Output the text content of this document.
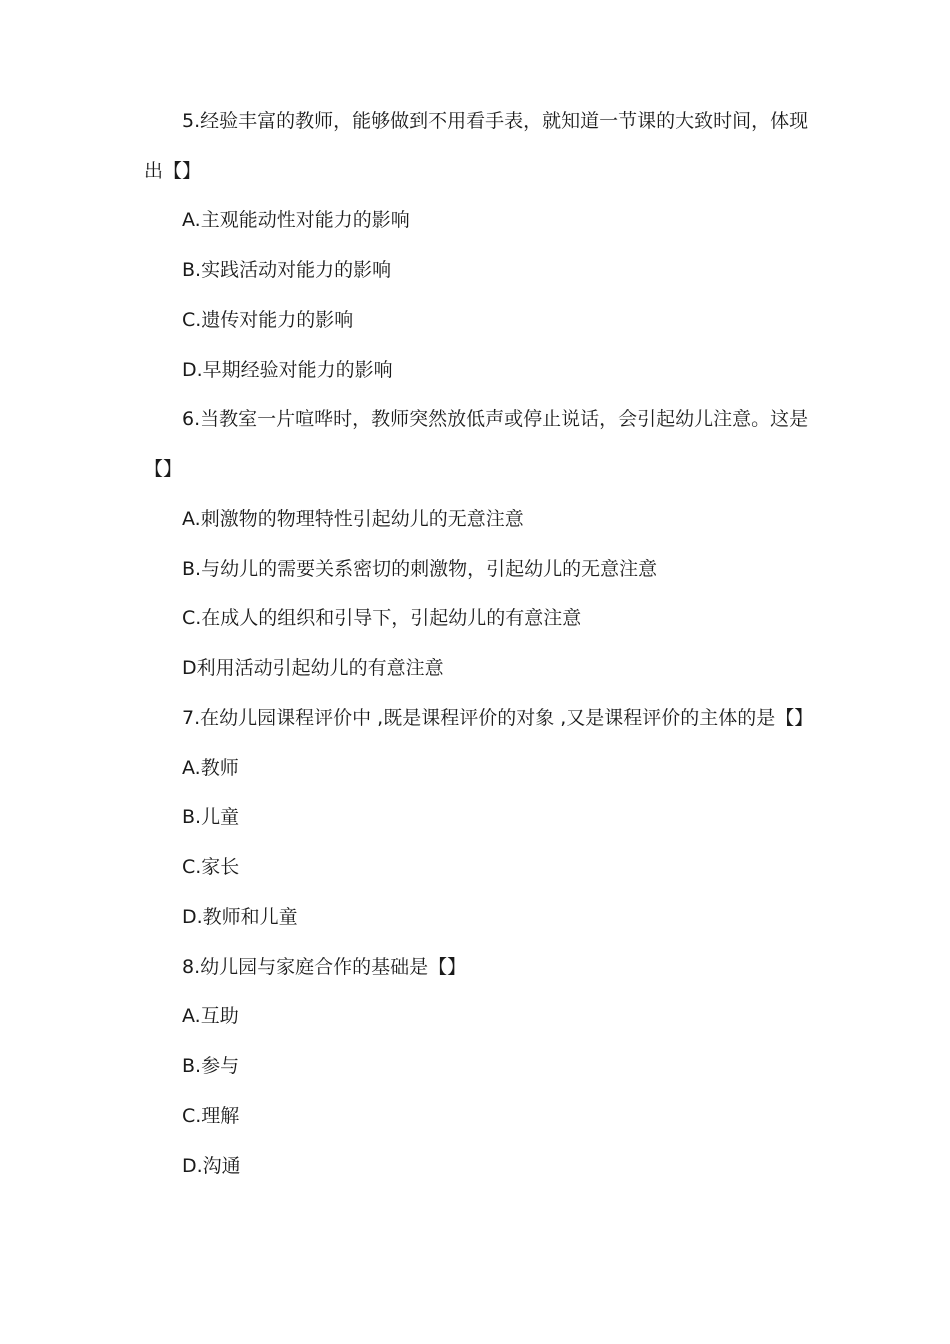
5.经验丰富的教师，能够做到不用看手表，就知道一节课的大致时间，体现
出【】
A.主观能动性对能力的影响
B.实践活动对能力的影响
C.遗传对能力的影响
D.早期经验对能力的影响
6.当教室一片喧哗时，教师突然放低声或停止说话，会引起幼儿注意。这是
【】
A.刺激物的物理特性引起幼儿的无意注意
B.与幼儿的需要关系密切的刺激物，引起幼儿的无意注意
C.在成人的组织和引导下，引起幼儿的有意注意
D利用活动引起幼儿的有意注意
7.在幼儿园课程评价中 ,既是课程评价的对象 ,又是课程评价的主体的是【】
A.教师
B.儿童
C.家长
D.教师和儿童
8.幼儿园与家庭合作的基础是【】
A.互助
B.参与
C.理解
D.沟通
